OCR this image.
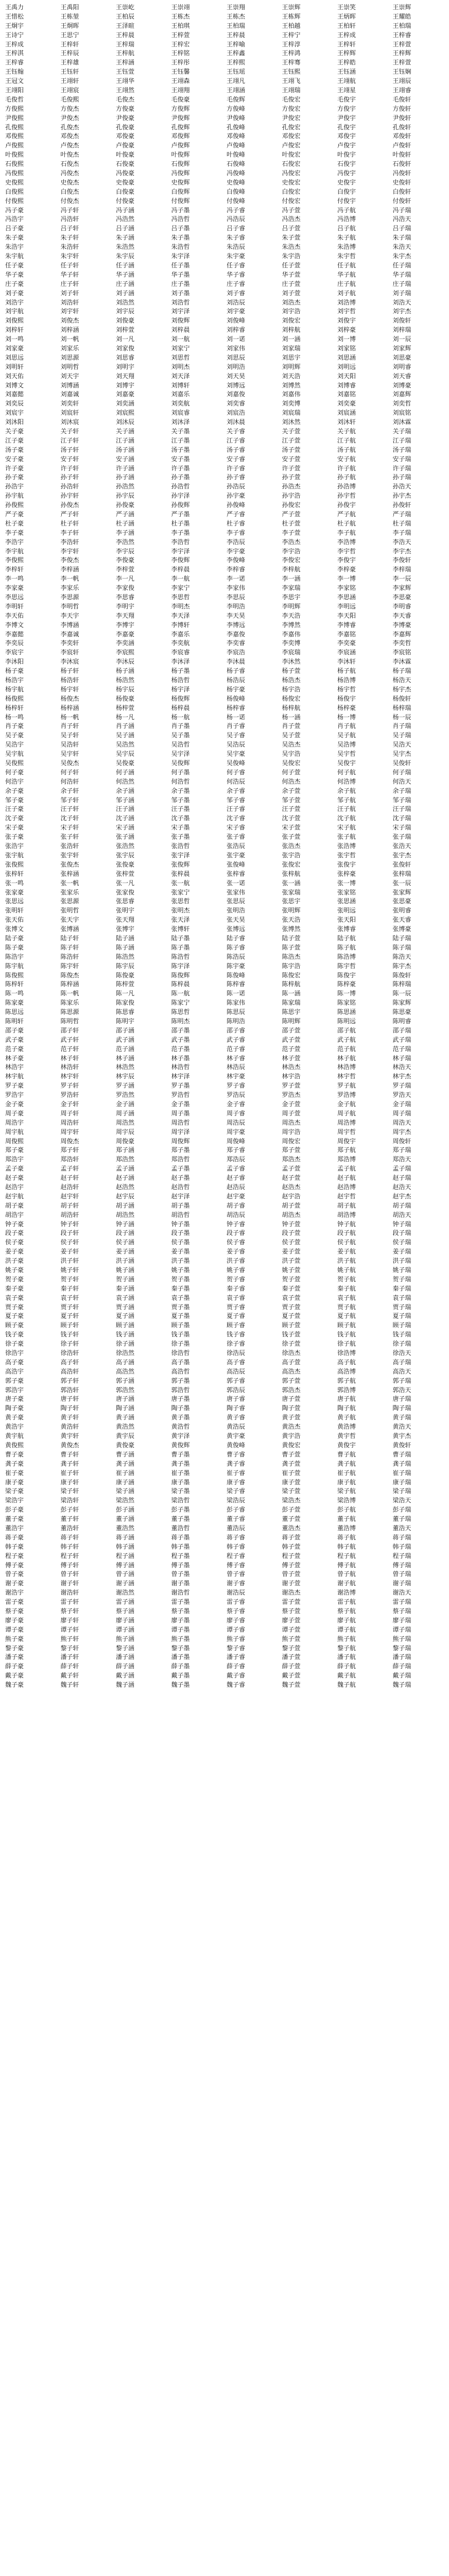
王禹力	王禹阳	王崇屹	王崇翊	王崇翔	王崇辉	王崇笑	王崇辉
王惜松	王栋堃	王柏辰	王栋杰	王栋杰	王栋辉	王炳晖	王耀皓
王炯宇	王炯晖	王泽暄	王柏琪	王柏瑞	王柏越	王柏轩	王柏瑞
王诗宁	王思宁	王梓晨	王梓萱	王梓晨	王梓宁	王梓成	王梓睿
王梓成	王梓轩	王梓瑞	王梓宏	王梓喻	王梓淳	王梓轩	王梓萱
王梓淇	王梓辰	王梓航	王梓铭	王梓鑫	王梓鸿	王梓辉	王梓辉
王梓睿	王梓雄	王梓涵	王梓彤	王梓熙	王梓骞	王梓皓	王梓萱
王钰翰	王钰轩	王钰萱	王钰馨	王钰瑶	王钰熙	王钰涵	王钰娴
王冠文	王翊轩	王翊华	王翊森	王翊凡	王翊飞	王翊航	王翊辰
王翊阳	王翊宸	王翊然	王翊翔	王翊涵	王翊瑞	王翊星	王翊睿
毛俊哲	毛俊熙	毛俊杰	毛俊豪	毛俊辉	毛俊宏	毛俊宇	毛俊轩
方俊熙	方俊杰	方俊豪	方俊辉	方俊峰	方俊宏	方俊宇	方俊轩
尹俊熙	尹俊杰	尹俊豪	尹俊辉	尹俊峰	尹俊宏	尹俊宇	尹俊轩
孔俊熙	孔俊杰	孔俊豪	孔俊辉	孔俊峰	孔俊宏	孔俊宇	孔俊轩
邓俊熙	邓俊杰	邓俊豪	邓俊辉	邓俊峰	邓俊宏	邓俊宇	邓俊轩
卢俊熙	卢俊杰	卢俊豪	卢俊辉	卢俊峰	卢俊宏	卢俊宇	卢俊轩
叶俊熙	叶俊杰	叶俊豪	叶俊辉	叶俊峰	叶俊宏	叶俊宇	叶俊轩
石俊熙	石俊杰	石俊豪	石俊辉	石俊峰	石俊宏	石俊宇	石俊轩
冯俊熙	冯俊杰	冯俊豪	冯俊辉	冯俊峰	冯俊宏	冯俊宇	冯俊轩
史俊熙	史俊杰	史俊豪	史俊辉	史俊峰	史俊宏	史俊宇	史俊轩
白俊熙	白俊杰	白俊豪	白俊辉	白俊峰	白俊宏	白俊宇	白俊轩
付俊熙	付俊杰	付俊豪	付俊辉	付俊峰	付俊宏	付俊宇	付俊轩
冯子豪	冯子轩	冯子涵	冯子墨	冯子睿	冯子萱	冯子航	冯子瑞
冯浩宇	冯浩轩	冯浩然	冯浩哲	冯浩辰	冯浩杰	冯浩博	冯浩天
吕子豪	吕子轩	吕子涵	吕子墨	吕子睿	吕子萱	吕子航	吕子瑞
朱子豪	朱子轩	朱子涵	朱子墨	朱子睿	朱子萱	朱子航	朱子瑞
朱浩宇	朱浩轩	朱浩然	朱浩哲	朱浩辰	朱浩杰	朱浩博	朱浩天
朱宇航	朱宇轩	朱宇辰	朱宇泽	朱宇豪	朱宇浩	朱宇哲	朱宇杰
任子豪	任子轩	任子涵	任子墨	任子睿	任子萱	任子航	任子瑞
华子豪	华子轩	华子涵	华子墨	华子睿	华子萱	华子航	华子瑞
庄子豪	庄子轩	庄子涵	庄子墨	庄子睿	庄子萱	庄子航	庄子瑞
刘子豪	刘子轩	刘子涵	刘子墨	刘子睿	刘子萱	刘子航	刘子瑞
刘浩宇	刘浩轩	刘浩然	刘浩哲	刘浩辰	刘浩杰	刘浩博	刘浩天
刘宇航	刘宇轩	刘宇辰	刘宇泽	刘宇豪	刘宇浩	刘宇哲	刘宇杰
刘俊熙	刘俊杰	刘俊豪	刘俊辉	刘俊峰	刘俊宏	刘俊宇	刘俊轩
刘梓轩	刘梓涵	刘梓萱	刘梓晨	刘梓睿	刘梓航	刘梓豪	刘梓瑞
刘一鸣	刘一帆	刘一凡	刘一航	刘一诺	刘一涵	刘一博	刘一辰
刘家豪	刘家乐	刘家俊	刘家宁	刘家伟	刘家瑞	刘家铭	刘家辉
刘思远	刘思源	刘思睿	刘思哲	刘思辰	刘思宇	刘思涵	刘思豪
刘明轩	刘明哲	刘明宇	刘明杰	刘明浩	刘明辉	刘明远	刘明睿
刘天佑	刘天宇	刘天翔	刘天泽	刘天昊	刘天浩	刘天阳	刘天睿
刘博文	刘博涵	刘博宇	刘博轩	刘博远	刘博然	刘博睿	刘博豪
刘嘉懿	刘嘉诚	刘嘉豪	刘嘉乐	刘嘉俊	刘嘉伟	刘嘉铭	刘嘉辉
刘奕辰	刘奕轩	刘奕涵	刘奕航	刘奕睿	刘奕博	刘奕豪	刘奕哲
刘宸宇	刘宸轩	刘宸熙	刘宸睿	刘宸浩	刘宸瑞	刘宸涵	刘宸铭
刘沐阳	刘沐宸	刘沐辰	刘沐泽	刘沐晨	刘沐然	刘沐轩	刘沐霖
关子豪	关子轩	关子涵	关子墨	关子睿	关子萱	关子航	关子瑞
江子豪	江子轩	江子涵	江子墨	江子睿	江子萱	江子航	江子瑞
汤子豪	汤子轩	汤子涵	汤子墨	汤子睿	汤子萱	汤子航	汤子瑞
安子豪	安子轩	安子涵	安子墨	安子睿	安子萱	安子航	安子瑞
许子豪	许子轩	许子涵	许子墨	许子睿	许子萱	许子航	许子瑞
孙子豪	孙子轩	孙子涵	孙子墨	孙子睿	孙子萱	孙子航	孙子瑞
孙浩宇	孙浩轩	孙浩然	孙浩哲	孙浩辰	孙浩杰	孙浩博	孙浩天
孙宇航	孙宇轩	孙宇辰	孙宇泽	孙宇豪	孙宇浩	孙宇哲	孙宇杰
孙俊熙	孙俊杰	孙俊豪	孙俊辉	孙俊峰	孙俊宏	孙俊宇	孙俊轩
严子豪	严子轩	严子涵	严子墨	严子睿	严子萱	严子航	严子瑞
杜子豪	杜子轩	杜子涵	杜子墨	杜子睿	杜子萱	杜子航	杜子瑞
李子豪	李子轩	李子涵	李子墨	李子睿	李子萱	李子航	李子瑞
李浩宇	李浩轩	李浩然	李浩哲	李浩辰	李浩杰	李浩博	李浩天
李宇航	李宇轩	李宇辰	李宇泽	李宇豪	李宇浩	李宇哲	李宇杰
李俊熙	李俊杰	李俊豪	李俊辉	李俊峰	李俊宏	李俊宇	李俊轩
李梓轩	李梓涵	李梓萱	李梓晨	李梓睿	李梓航	李梓豪	李梓瑞
李一鸣	李一帆	李一凡	李一航	李一诺	李一涵	李一博	李一辰
李家豪	李家乐	李家俊	李家宁	李家伟	李家瑞	李家铭	李家辉
李思远	李思源	李思睿	李思哲	李思辰	李思宇	李思涵	李思豪
李明轩	李明哲	李明宇	李明杰	李明浩	李明辉	李明远	李明睿
李天佑	李天宇	李天翔	李天泽	李天昊	李天浩	李天阳	李天睿
李博文	李博涵	李博宇	李博轩	李博远	李博然	李博睿	李博豪
李嘉懿	李嘉诚	李嘉豪	李嘉乐	李嘉俊	李嘉伟	李嘉铭	李嘉辉
李奕辰	李奕轩	李奕涵	李奕航	李奕睿	李奕博	李奕豪	李奕哲
李宸宇	李宸轩	李宸熙	李宸睿	李宸浩	李宸瑞	李宸涵	李宸铭
李沐阳	李沐宸	李沐辰	李沐泽	李沐晨	李沐然	李沐轩	李沐霖
杨子豪	杨子轩	杨子涵	杨子墨	杨子睿	杨子萱	杨子航	杨子瑞
杨浩宇	杨浩轩	杨浩然	杨浩哲	杨浩辰	杨浩杰	杨浩博	杨浩天
杨宇航	杨宇轩	杨宇辰	杨宇泽	杨宇豪	杨宇浩	杨宇哲	杨宇杰
杨俊熙	杨俊杰	杨俊豪	杨俊辉	杨俊峰	杨俊宏	杨俊宇	杨俊轩
杨梓轩	杨梓涵	杨梓萱	杨梓晨	杨梓睿	杨梓航	杨梓豪	杨梓瑞
杨一鸣	杨一帆	杨一凡	杨一航	杨一诺	杨一涵	杨一博	杨一辰
肖子豪	肖子轩	肖子涵	肖子墨	肖子睿	肖子萱	肖子航	肖子瑞
吴子豪	吴子轩	吴子涵	吴子墨	吴子睿	吴子萱	吴子航	吴子瑞
吴浩宇	吴浩轩	吴浩然	吴浩哲	吴浩辰	吴浩杰	吴浩博	吴浩天
吴宇航	吴宇轩	吴宇辰	吴宇泽	吴宇豪	吴宇浩	吴宇哲	吴宇杰
吴俊熙	吴俊杰	吴俊豪	吴俊辉	吴俊峰	吴俊宏	吴俊宇	吴俊轩
何子豪	何子轩	何子涵	何子墨	何子睿	何子萱	何子航	何子瑞
何浩宇	何浩轩	何浩然	何浩哲	何浩辰	何浩杰	何浩博	何浩天
余子豪	余子轩	余子涵	余子墨	余子睿	余子萱	余子航	余子瑞
邹子豪	邹子轩	邹子涵	邹子墨	邹子睿	邹子萱	邹子航	邹子瑞
汪子豪	汪子轩	汪子涵	汪子墨	汪子睿	汪子萱	汪子航	汪子瑞
沈子豪	沈子轩	沈子涵	沈子墨	沈子睿	沈子萱	沈子航	沈子瑞
宋子豪	宋子轩	宋子涵	宋子墨	宋子睿	宋子萱	宋子航	宋子瑞
张子豪	张子轩	张子涵	张子墨	张子睿	张子萱	张子航	张子瑞
张浩宇	张浩轩	张浩然	张浩哲	张浩辰	张浩杰	张浩博	张浩天
张宇航	张宇轩	张宇辰	张宇泽	张宇豪	张宇浩	张宇哲	张宇杰
张俊熙	张俊杰	张俊豪	张俊辉	张俊峰	张俊宏	张俊宇	张俊轩
张梓轩	张梓涵	张梓萱	张梓晨	张梓睿	张梓航	张梓豪	张梓瑞
张一鸣	张一帆	张一凡	张一航	张一诺	张一涵	张一博	张一辰
张家豪	张家乐	张家俊	张家宁	张家伟	张家瑞	张家铭	张家辉
张思远	张思源	张思睿	张思哲	张思辰	张思宇	张思涵	张思豪
张明轩	张明哲	张明宇	张明杰	张明浩	张明辉	张明远	张明睿
张天佑	张天宇	张天翔	张天泽	张天昊	张天浩	张天阳	张天睿
张博文	张博涵	张博宇	张博轩	张博远	张博然	张博睿	张博豪
陆子豪	陆子轩	陆子涵	陆子墨	陆子睿	陆子萱	陆子航	陆子瑞
陈子豪	陈子轩	陈子涵	陈子墨	陈子睿	陈子萱	陈子航	陈子瑞
陈浩宇	陈浩轩	陈浩然	陈浩哲	陈浩辰	陈浩杰	陈浩博	陈浩天
陈宇航	陈宇轩	陈宇辰	陈宇泽	陈宇豪	陈宇浩	陈宇哲	陈宇杰
陈俊熙	陈俊杰	陈俊豪	陈俊辉	陈俊峰	陈俊宏	陈俊宇	陈俊轩
陈梓轩	陈梓涵	陈梓萱	陈梓晨	陈梓睿	陈梓航	陈梓豪	陈梓瑞
陈一鸣	陈一帆	陈一凡	陈一航	陈一诺	陈一涵	陈一博	陈一辰
陈家豪	陈家乐	陈家俊	陈家宁	陈家伟	陈家瑞	陈家铭	陈家辉
陈思远	陈思源	陈思睿	陈思哲	陈思辰	陈思宇	陈思涵	陈思豪
陈明轩	陈明哲	陈明宇	陈明杰	陈明浩	陈明辉	陈明远	陈明睿
邵子豪	邵子轩	邵子涵	邵子墨	邵子睿	邵子萱	邵子航	邵子瑞
武子豪	武子轩	武子涵	武子墨	武子睿	武子萱	武子航	武子瑞
范子豪	范子轩	范子涵	范子墨	范子睿	范子萱	范子航	范子瑞
林子豪	林子轩	林子涵	林子墨	林子睿	林子萱	林子航	林子瑞
林浩宇	林浩轩	林浩然	林浩哲	林浩辰	林浩杰	林浩博	林浩天
林宇航	林宇轩	林宇辰	林宇泽	林宇豪	林宇浩	林宇哲	林宇杰
罗子豪	罗子轩	罗子涵	罗子墨	罗子睿	罗子萱	罗子航	罗子瑞
罗浩宇	罗浩轩	罗浩然	罗浩哲	罗浩辰	罗浩杰	罗浩博	罗浩天
金子豪	金子轩	金子涵	金子墨	金子睿	金子萱	金子航	金子瑞
周子豪	周子轩	周子涵	周子墨	周子睿	周子萱	周子航	周子瑞
周浩宇	周浩轩	周浩然	周浩哲	周浩辰	周浩杰	周浩博	周浩天
周宇航	周宇轩	周宇辰	周宇泽	周宇豪	周宇浩	周宇哲	周宇杰
周俊熙	周俊杰	周俊豪	周俊辉	周俊峰	周俊宏	周俊宇	周俊轩
郑子豪	郑子轩	郑子涵	郑子墨	郑子睿	郑子萱	郑子航	郑子瑞
郑浩宇	郑浩轩	郑浩然	郑浩哲	郑浩辰	郑浩杰	郑浩博	郑浩天
孟子豪	孟子轩	孟子涵	孟子墨	孟子睿	孟子萱	孟子航	孟子瑞
赵子豪	赵子轩	赵子涵	赵子墨	赵子睿	赵子萱	赵子航	赵子瑞
赵浩宇	赵浩轩	赵浩然	赵浩哲	赵浩辰	赵浩杰	赵浩博	赵浩天
赵宇航	赵宇轩	赵宇辰	赵宇泽	赵宇豪	赵宇浩	赵宇哲	赵宇杰
胡子豪	胡子轩	胡子涵	胡子墨	胡子睿	胡子萱	胡子航	胡子瑞
胡浩宇	胡浩轩	胡浩然	胡浩哲	胡浩辰	胡浩杰	胡浩博	胡浩天
钟子豪	钟子轩	钟子涵	钟子墨	钟子睿	钟子萱	钟子航	钟子瑞
段子豪	段子轩	段子涵	段子墨	段子睿	段子萱	段子航	段子瑞
侯子豪	侯子轩	侯子涵	侯子墨	侯子睿	侯子萱	侯子航	侯子瑞
姜子豪	姜子轩	姜子涵	姜子墨	姜子睿	姜子萱	姜子航	姜子瑞
洪子豪	洪子轩	洪子涵	洪子墨	洪子睿	洪子萱	洪子航	洪子瑞
姚子豪	姚子轩	姚子涵	姚子墨	姚子睿	姚子萱	姚子航	姚子瑞
贺子豪	贺子轩	贺子涵	贺子墨	贺子睿	贺子萱	贺子航	贺子瑞
秦子豪	秦子轩	秦子涵	秦子墨	秦子睿	秦子萱	秦子航	秦子瑞
袁子豪	袁子轩	袁子涵	袁子墨	袁子睿	袁子萱	袁子航	袁子瑞
贾子豪	贾子轩	贾子涵	贾子墨	贾子睿	贾子萱	贾子航	贾子瑞
夏子豪	夏子轩	夏子涵	夏子墨	夏子睿	夏子萱	夏子航	夏子瑞
顾子豪	顾子轩	顾子涵	顾子墨	顾子睿	顾子萱	顾子航	顾子瑞
钱子豪	钱子轩	钱子涵	钱子墨	钱子睿	钱子萱	钱子航	钱子瑞
徐子豪	徐子轩	徐子涵	徐子墨	徐子睿	徐子萱	徐子航	徐子瑞
徐浩宇	徐浩轩	徐浩然	徐浩哲	徐浩辰	徐浩杰	徐浩博	徐浩天
高子豪	高子轩	高子涵	高子墨	高子睿	高子萱	高子航	高子瑞
高浩宇	高浩轩	高浩然	高浩哲	高浩辰	高浩杰	高浩博	高浩天
郭子豪	郭子轩	郭子涵	郭子墨	郭子睿	郭子萱	郭子航	郭子瑞
郭浩宇	郭浩轩	郭浩然	郭浩哲	郭浩辰	郭浩杰	郭浩博	郭浩天
唐子豪	唐子轩	唐子涵	唐子墨	唐子睿	唐子萱	唐子航	唐子瑞
陶子豪	陶子轩	陶子涵	陶子墨	陶子睿	陶子萱	陶子航	陶子瑞
黄子豪	黄子轩	黄子涵	黄子墨	黄子睿	黄子萱	黄子航	黄子瑞
黄浩宇	黄浩轩	黄浩然	黄浩哲	黄浩辰	黄浩杰	黄浩博	黄浩天
黄宇航	黄宇轩	黄宇辰	黄宇泽	黄宇豪	黄宇浩	黄宇哲	黄宇杰
黄俊熙	黄俊杰	黄俊豪	黄俊辉	黄俊峰	黄俊宏	黄俊宇	黄俊轩
曹子豪	曹子轩	曹子涵	曹子墨	曹子睿	曹子萱	曹子航	曹子瑞
龚子豪	龚子轩	龚子涵	龚子墨	龚子睿	龚子萱	龚子航	龚子瑞
崔子豪	崔子轩	崔子涵	崔子墨	崔子睿	崔子萱	崔子航	崔子瑞
康子豪	康子轩	康子涵	康子墨	康子睿	康子萱	康子航	康子瑞
梁子豪	梁子轩	梁子涵	梁子墨	梁子睿	梁子萱	梁子航	梁子瑞
梁浩宇	梁浩轩	梁浩然	梁浩哲	梁浩辰	梁浩杰	梁浩博	梁浩天
彭子豪	彭子轩	彭子涵	彭子墨	彭子睿	彭子萱	彭子航	彭子瑞
董子豪	董子轩	董子涵	董子墨	董子睿	董子萱	董子航	董子瑞
董浩宇	董浩轩	董浩然	董浩哲	董浩辰	董浩杰	董浩博	董浩天
蒋子豪	蒋子轩	蒋子涵	蒋子墨	蒋子睿	蒋子萱	蒋子航	蒋子瑞
韩子豪	韩子轩	韩子涵	韩子墨	韩子睿	韩子萱	韩子航	韩子瑞
程子豪	程子轩	程子涵	程子墨	程子睿	程子萱	程子航	程子瑞
傅子豪	傅子轩	傅子涵	傅子墨	傅子睿	傅子萱	傅子航	傅子瑞
曾子豪	曾子轩	曾子涵	曾子墨	曾子睿	曾子萱	曾子航	曾子瑞
谢子豪	谢子轩	谢子涵	谢子墨	谢子睿	谢子萱	谢子航	谢子瑞
谢浩宇	谢浩轩	谢浩然	谢浩哲	谢浩辰	谢浩杰	谢浩博	谢浩天
雷子豪	雷子轩	雷子涵	雷子墨	雷子睿	雷子萱	雷子航	雷子瑞
蔡子豪	蔡子轩	蔡子涵	蔡子墨	蔡子睿	蔡子萱	蔡子航	蔡子瑞
廖子豪	廖子轩	廖子涵	廖子墨	廖子睿	廖子萱	廖子航	廖子瑞
谭子豪	谭子轩	谭子涵	谭子墨	谭子睿	谭子萱	谭子航	谭子瑞
熊子豪	熊子轩	熊子涵	熊子墨	熊子睿	熊子萱	熊子航	熊子瑞
黎子豪	黎子轩	黎子涵	黎子墨	黎子睿	黎子萱	黎子航	黎子瑞
潘子豪	潘子轩	潘子涵	潘子墨	潘子睿	潘子萱	潘子航	潘子瑞
薛子豪	薛子轩	薛子涵	薛子墨	薛子睿	薛子萱	薛子航	薛子瑞
戴子豪	戴子轩	戴子涵	戴子墨	戴子睿	戴子萱	戴子航	戴子瑞
魏子豪	魏子轩	魏子涵	魏子墨	魏子睿	魏子萱	魏子航	魏子瑞
